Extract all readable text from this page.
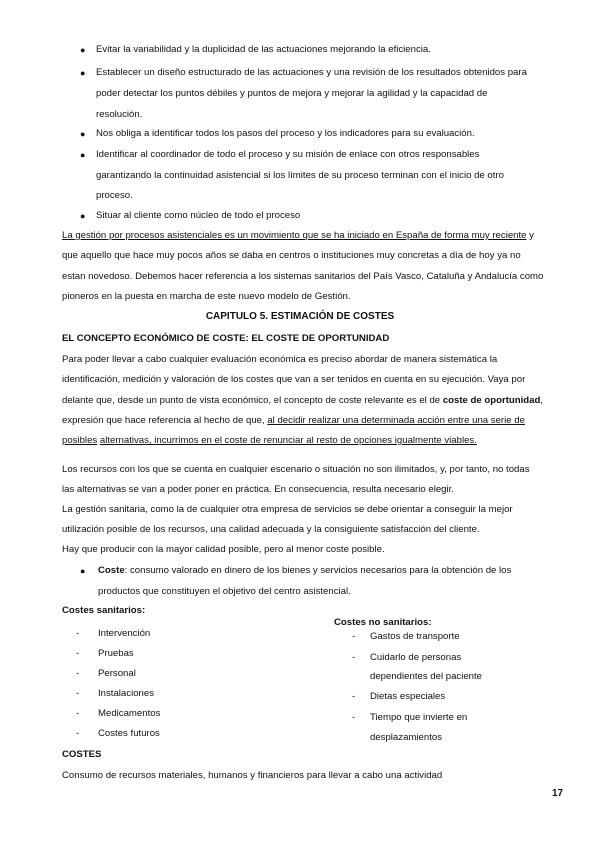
● Evitar la variabilidad y la duplicidad de las actuaciones mejorando la eficiencia.
● Establecer un diseño estructurado de las actuaciones y una revisión de los resultados obtenidos para
poder detectar los puntos débiles y puntos de mejora y mejorar la agilidad y la capacidad de
resolución.
● Nos obliga a identificar todos los pasos del proceso y los indicadores para su evaluación.
● Identificar al coordinador de todo el proceso y su misión de enlace con otros responsables
garantizando la continuidad asistencial si los límites de su proceso terminan con el inicio de otro
proceso.
● Situar al cliente como núcleo de todo el proceso
La gestión por procesos asistenciales es un movimiento que se ha iniciado en España de forma muy reciente y
que aquello que hace muy pocos años se daba en centros o instituciones muy concretas a día de hoy ya no
estan novedoso. Debemos hacer referencia a los sistemas sanitarios del País Vasco, Cataluña y Andalucía como
pioneros en la puesta en marcha de este nuevo modelo de Gestión.
CAPITULO 5. ESTIMACIÓN DE COSTES
EL CONCEPTO ECONÓMICO DE COSTE: EL COSTE DE OPORTUNIDAD
Para poder llevar a cabo cualquier evaluación económica es preciso abordar de manera sistemática la
identificación, medición y valoración de los costes que van a ser tenidos en cuenta en su ejecución. Vaya por
delante que, desde un punto de vista económico, el concepto de coste relevante es el de coste de oportunidad,
expresión que hace referencia al hecho de que, al decidir realizar una determinada acción entre una serie de
posibles alternativas, incurrimos en el coste de renunciar al resto de opciones igualmente viables.
Los recursos con los que se cuenta en cualquier escenario o situación no son ilimitados, y, por tanto, no todas
las alternativas se van a poder poner en práctica. En consecuencia, resulta necesario elegir.
La gestión sanitaria, como la de cualquier otra empresa de servicios se debe orientar a conseguir la mejor
utilización posible de los recursos, una calidad adecuada y la consiguiente satisfacción del cliente.
Hay que producir con la mayor calidad posible, pero al menor coste posible.
● Coste: consumo valorado en dinero de los bienes y servicios necesarios para la obtención de los
productos que constituyen el objetivo del centro asistencial.
Costes sanitarios:
- Intervención
- Pruebas
- Personal
- Instalaciones
- Medicamentos
- Costes futuros
Costes no sanitarios:
- Gastos de transporte
- Cuidarlo de personas
dependientes del paciente
- Dietas especiales
- Tiempo que invierte en
desplazamientos
COSTES
Consumo de recursos materiales, humanos y financieros para llevar a cabo una actividad
17
